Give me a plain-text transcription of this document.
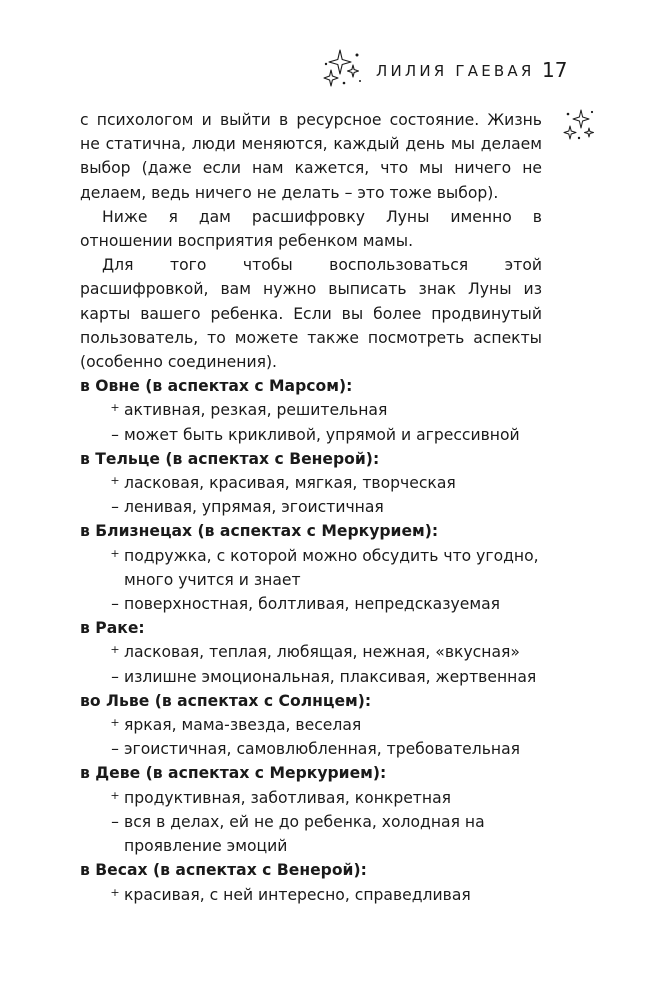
ЛИЛИЯ ГАЕВАЯ 17

с психологом и выйти в ресурсное состояние. Жизнь не статична, люди меняются, каждый день мы делаем выбор (даже если нам кажется, что мы ничего не делаем, ведь ничего не делать – это тоже выбор).

Ниже я дам расшифровку Луны именно в отношении восприятия ребенком мамы.

Для того чтобы воспользоваться этой расшифровкой, вам нужно выписать знак Луны из карты вашего ребенка. Если вы более продвинутый пользователь, то можете также посмотреть аспекты (особенно соединения).

в Овне (в аспектах с Марсом):

+ активная, резкая, решительная

– может быть крикливой, упрямой и агрессивной

в Тельце (в аспектах с Венерой):

+ ласковая, красивая, мягкая, творческая

– ленивая, упрямая, эгоистичная

в Близнецах (в аспектах с Меркурием):

+ подружка, с которой можно обсудить что угодно, много учится и знает

– поверхностная, болтливая, непредсказуемая

в Раке:

+ ласковая, теплая, любящая, нежная, «вкусная»

– излишне эмоциональная, плаксивая, жертвенная

во Льве (в аспектах с Солнцем):

+ яркая, мама-звезда, веселая

– эгоистичная, самовлюбленная, требовательная

в Деве (в аспектах с Меркурием):

+ продуктивная, заботливая, конкретная

– вся в делах, ей не до ребенка, холодная на проявление эмоций

в Весах (в аспектах с Венерой):

+ красивая, с ней интересно, справедливая
